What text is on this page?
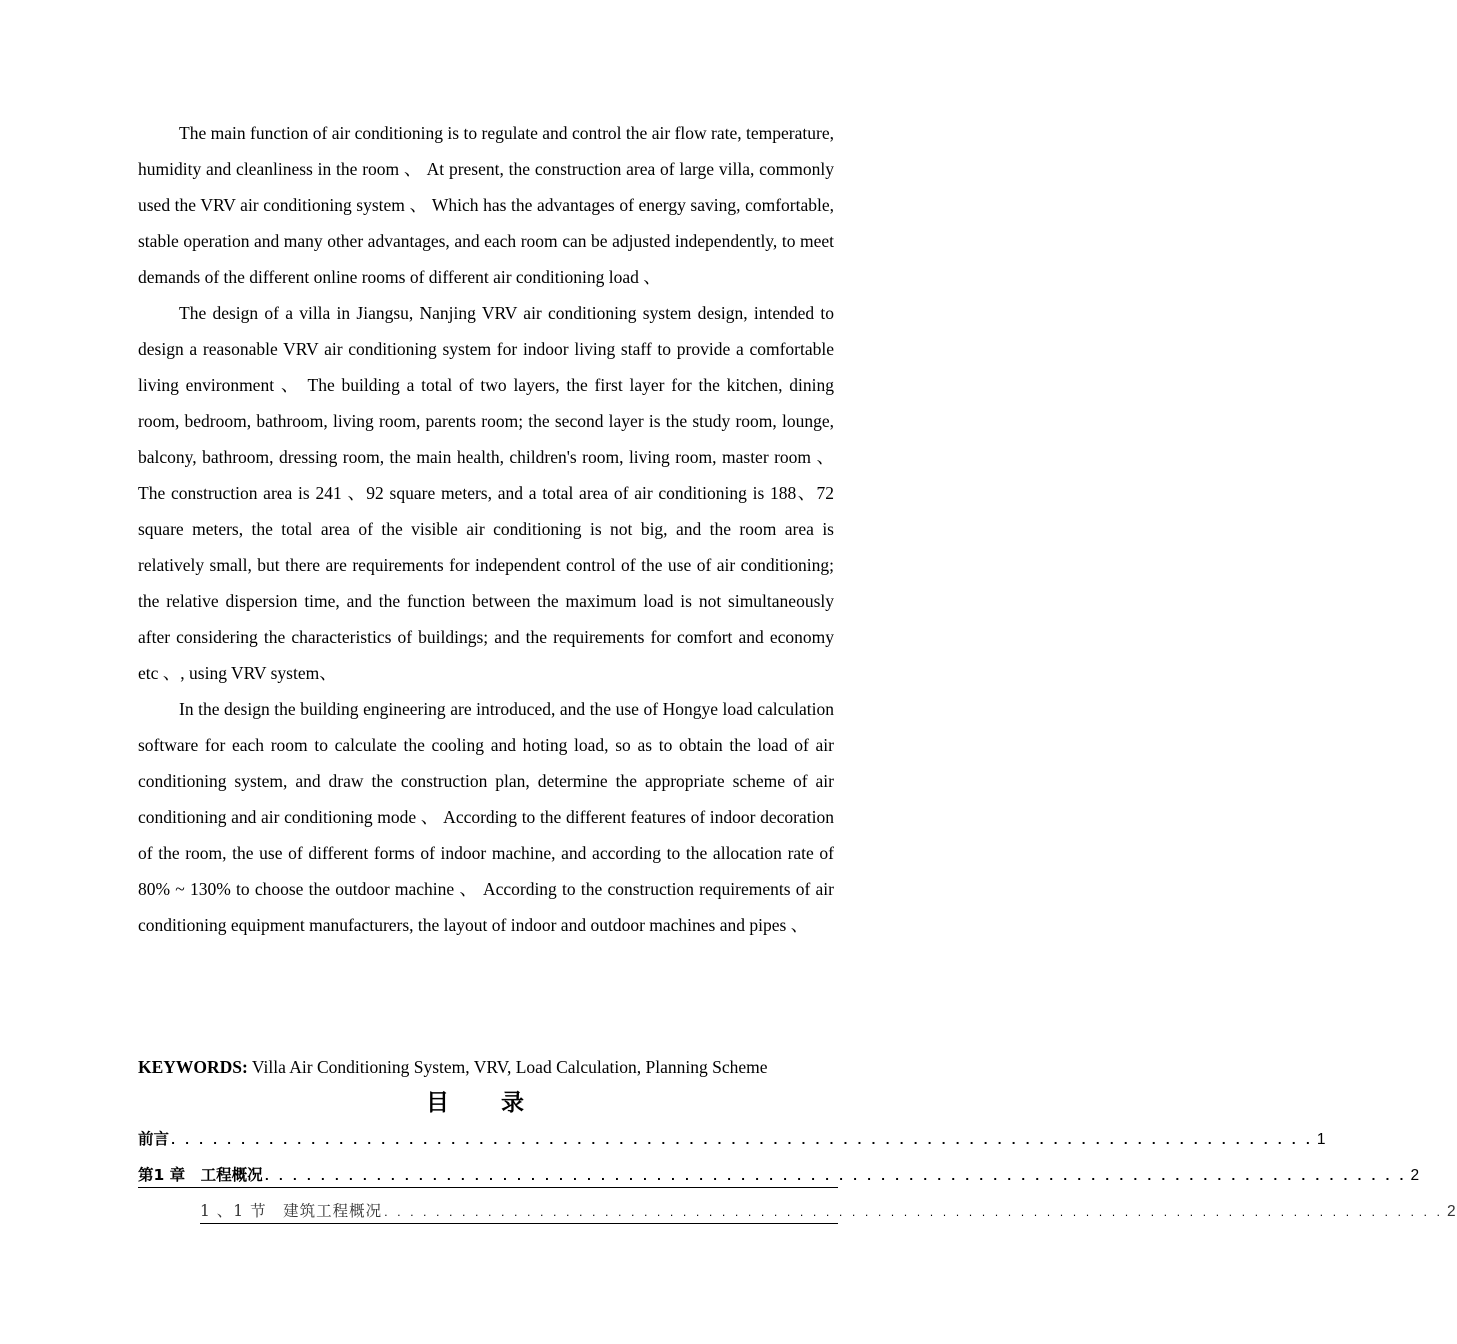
The main function of air conditioning is to regulate and control the air flow rate, temperature, humidity and cleanliness in the room 、 At present, the construction area of large villa, commonly used the VRV air conditioning system 、 Which has the advantages of energy saving, comfortable, stable operation and many other advantages, and each room can be adjusted independently, to meet demands of the different online rooms of different air conditioning load 、

The design of a villa in Jiangsu, Nanjing VRV air conditioning system design, intended to design a reasonable VRV air conditioning system for indoor living staff to provide a comfortable living environment 、 The building a total of two layers, the first layer for the kitchen, dining room, bedroom, bathroom, living room, parents room; the second layer is the study room, lounge, balcony, bathroom, dressing room, the main health, children's room, living room, master room 、 The construction area is 241 、92 square meters, and a total area of air conditioning is 188、72 square meters, the total area of the visible air conditioning is not big, and the room area is relatively small, but there are requirements for independent control of the use of air conditioning; the relative dispersion time, and the function between the maximum load is not simultaneously after considering the characteristics of buildings; and the requirements for comfort and economy etc 、, using VRV system、

In the design the building engineering are introduced, and the use of Hongye load calculation software for each room to calculate the cooling and hoting load, so as to obtain the load of air conditioning system, and draw the construction plan, determine the appropriate scheme of air conditioning and air conditioning mode 、 According to the different features of indoor decoration of the room, the use of different forms of indoor machine, and according to the allocation rate of 80% ~ 130% to choose the outdoor machine 、 According to the construction requirements of air conditioning equipment manufacturers, the layout of indoor and outdoor machines and pipes 、

KEYWORDS: Villa Air Conditioning System, VRV, Load Calculation, Planning Scheme
目录
前言 . . . . . . . . . . . . . . . . . . . . . . . . . . . . . . . . . . . . . . . . . . . . . . . . . . . . . . . . . . . . . . . . . . . . . . . . . . . . . . . . . . 1
第1 章　工程概况 . . . . . . . . . . . . . . . . . . . . . . . . . . . . . . . . . . . . . . . . . . . . . . . . . . . . . . . . . . . . . . . . . . . . . . . . . . . . . . . . . . 2
1 、1 节　建筑工程概况 . . . . . . . . . . . . . . . . . . . . . . . . . . . . . . . . . . . . . . . . . . . . . . . . . . . . . . . . . . . . . . . . . . . . . . . . . . . . . . . . . . 2
